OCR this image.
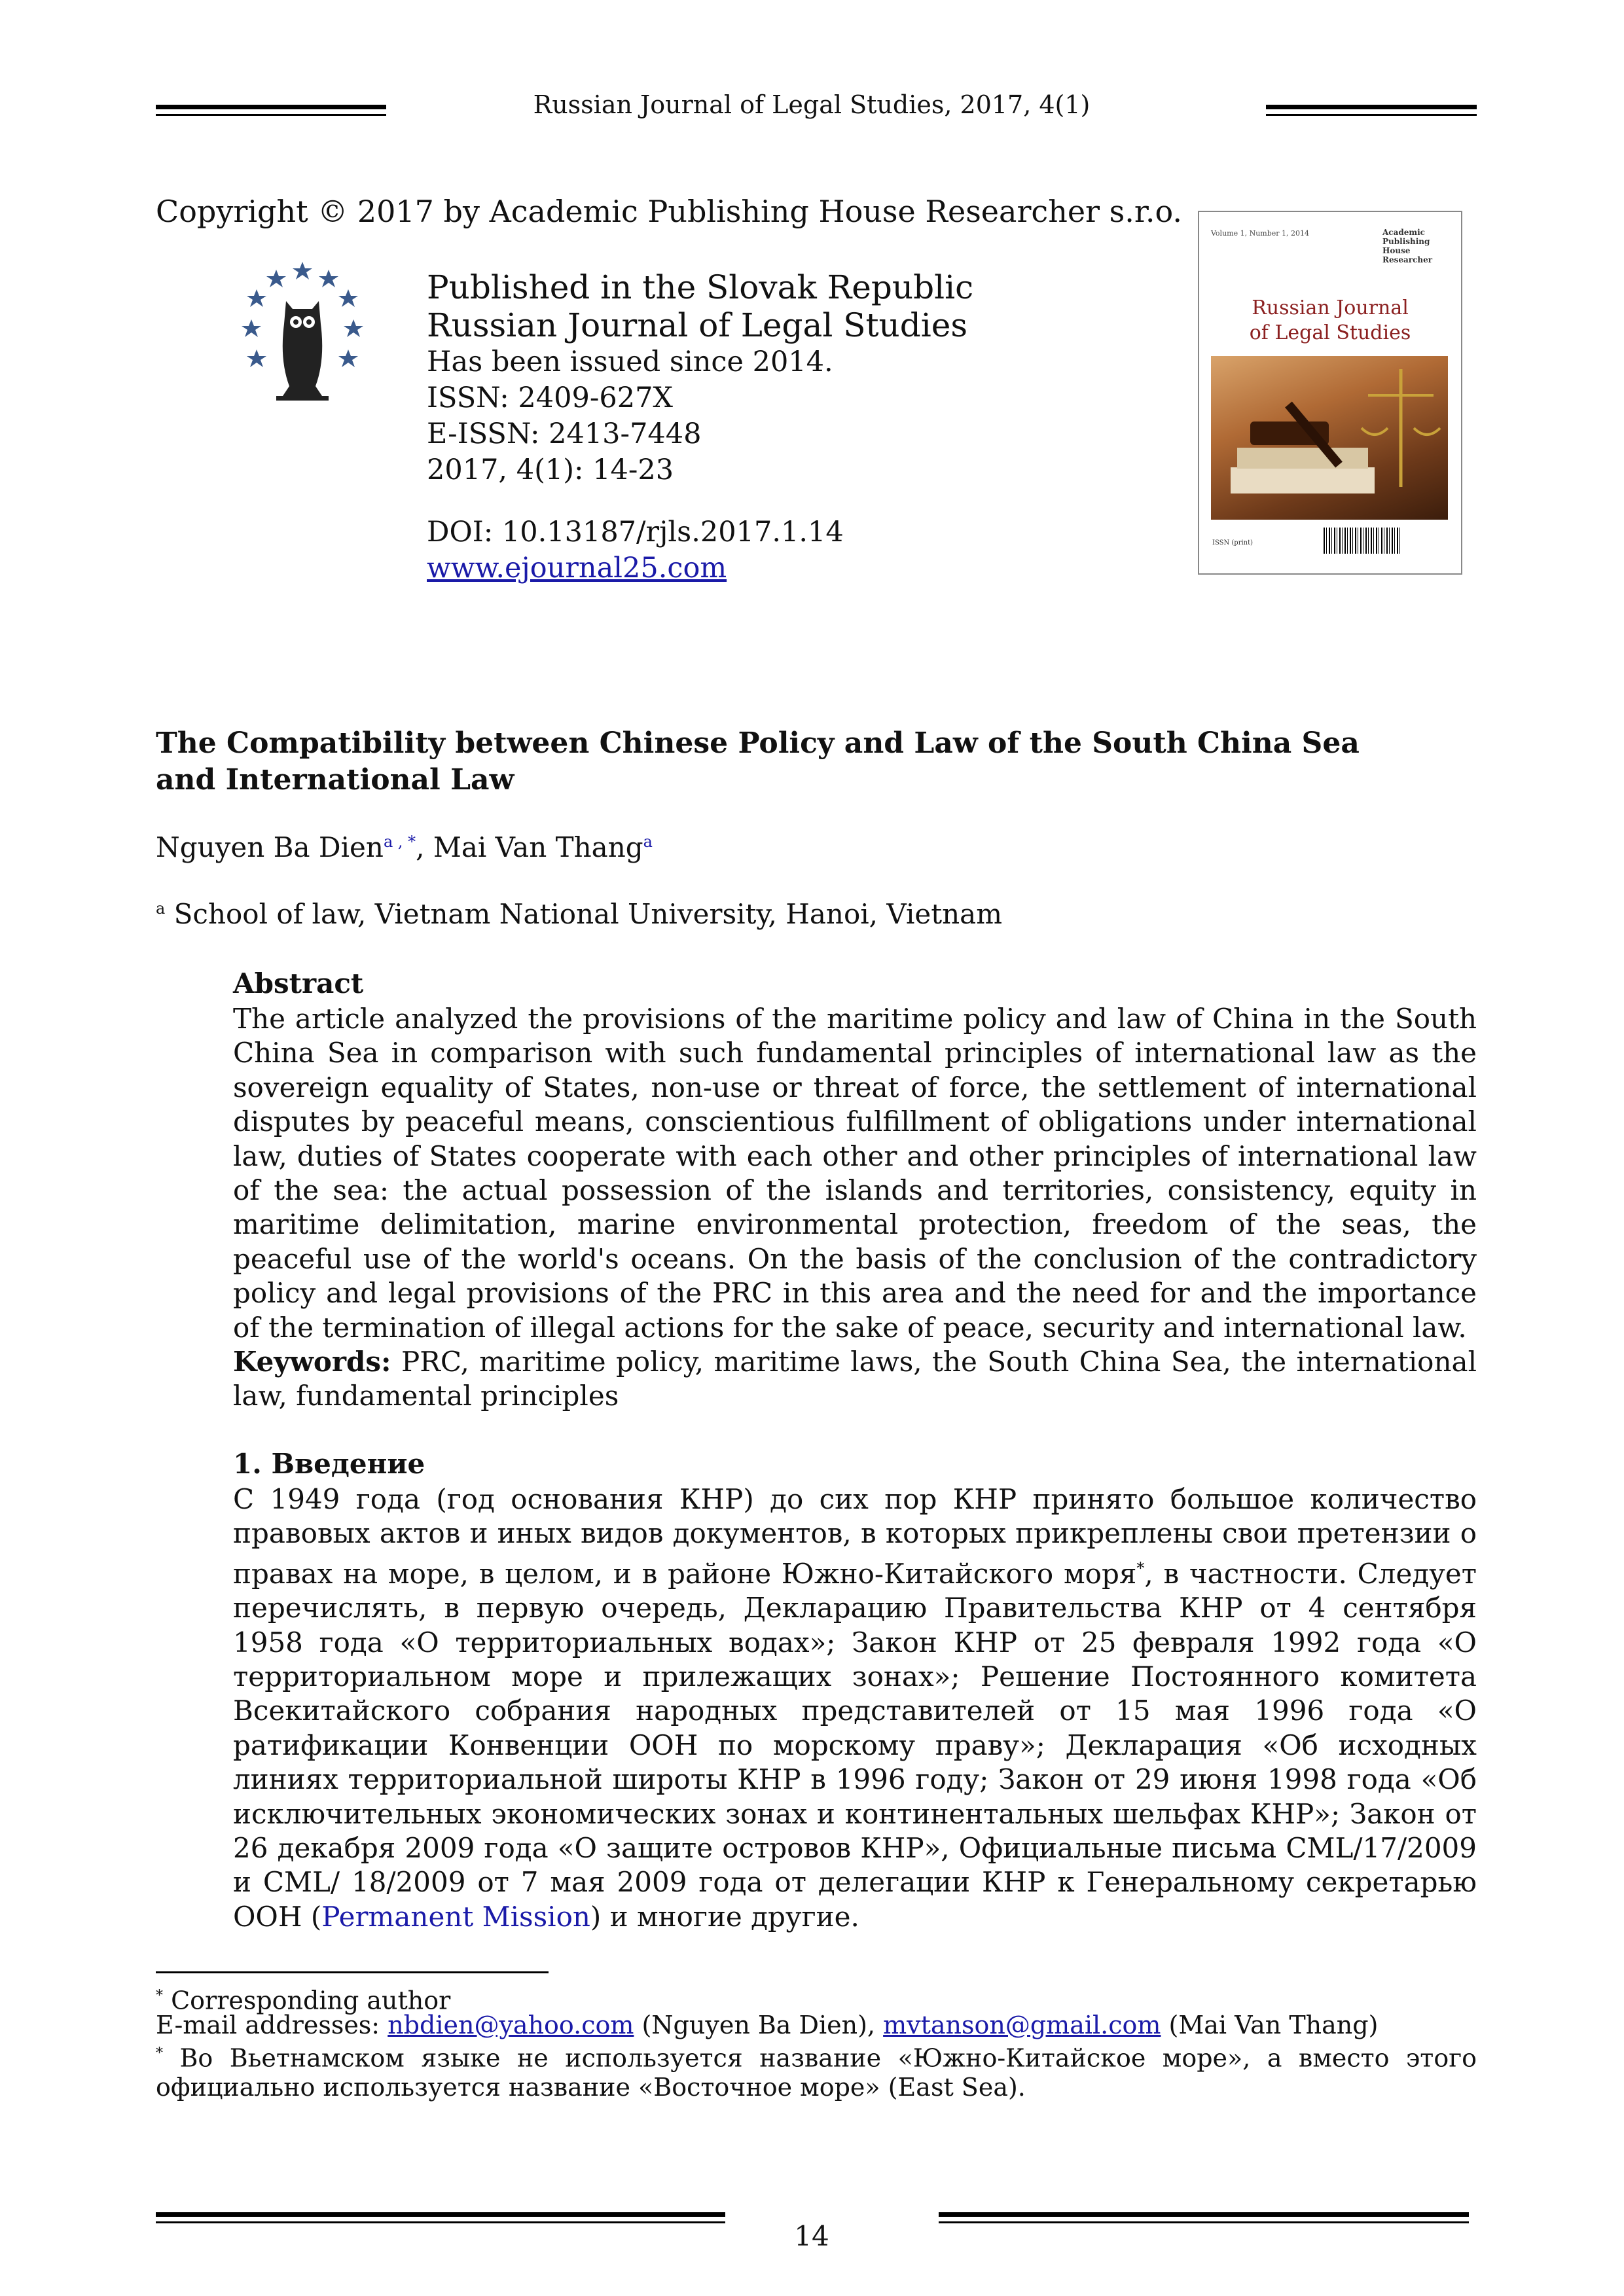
Russian Journal of Legal Studies, 2017, 4(1)
Copyright © 2017 by Academic Publishing House Researcher s.r.o.
Published in the Slovak Republic
Russian Journal of Legal Studies
Has been issued since 2014.
ISSN: 2409-627X
E-ISSN: 2413-7448
2017, 4(1): 14-23
DOI: 10.13187/rjls.2017.1.14
www.ejournal25.com
Volume 1, Number 1, 2014	Academic Publishing House Researcher
Russian Journal
of Legal Studies
ISSN (print)
The Compatibility between Chinese Policy and Law of the South China Sea
and International Law
Nguyen Ba Dien$^{a , *}$, Mai Van Thang$^a$
$^a$ School of law, Vietnam National University, Hanoi, Vietnam
Abstract
The article analyzed the provisions of the maritime policy and law of China in the South China Sea in comparison with such fundamental principles of international law as the sovereign equality of States, non-use or threat of force, the settlement of international disputes by peaceful means, conscientious fulfillment of obligations under international law, duties of States cooperate with each other and other principles of international law of the sea: the actual possession of the islands and territories, consistency, equity in maritime delimitation, marine environmental protection, freedom of the seas, the peaceful use of the world's oceans. On the basis of the conclusion of the contradictory policy and legal provisions of the PRC in this area and the need for and the importance of the termination of illegal actions for the sake of peace, security and international law.
Keywords: PRC, maritime policy, maritime laws, the South China Sea, the international law, fundamental principles
1. Введение
С 1949 года (год основания КНР) до сих пор КНР принято большое количество правовых актов и иных видов документов, в которых прикреплены свои претензии о правах на море, в целом, и в районе Южно-Китайского моря*, в частности. Следует перечислять, в первую очередь, Декларацию Правительства КНР от 4 сентября 1958 года «О территориальных водах»; Закон КНР от 25 февраля 1992 года «О территориальном море и прилежащих зонах»; Решение Постоянного комитета Всекитайского собрания народных представителей от 15 мая 1996 года «О ратификации Конвенции ООН по морскому праву»; Декларация «Об исходных линиях территориальной широты КНР в 1996 году; Закон от 29 июня 1998 года «Об исключительных экономических зонах и континентальных шельфах КНР»; Закон от 26 декабря 2009 года «О защите островов КНР», Официальные письма CML/17/2009 и CML/ 18/2009 от 7 мая 2009 года от делегации КНР к Генеральному секретарью ООН (Permanent Mission) и многие другие.
* Corresponding author
E-mail addresses: nbdien@yahoo.com (Nguyen Ba Dien), mvtanson@gmail.com (Mai Van Thang)
* Во Вьетнамском языке не используется название «Южно-Китайское море», а вместо этого официально используется название «Восточное море» (East Sea).
14
